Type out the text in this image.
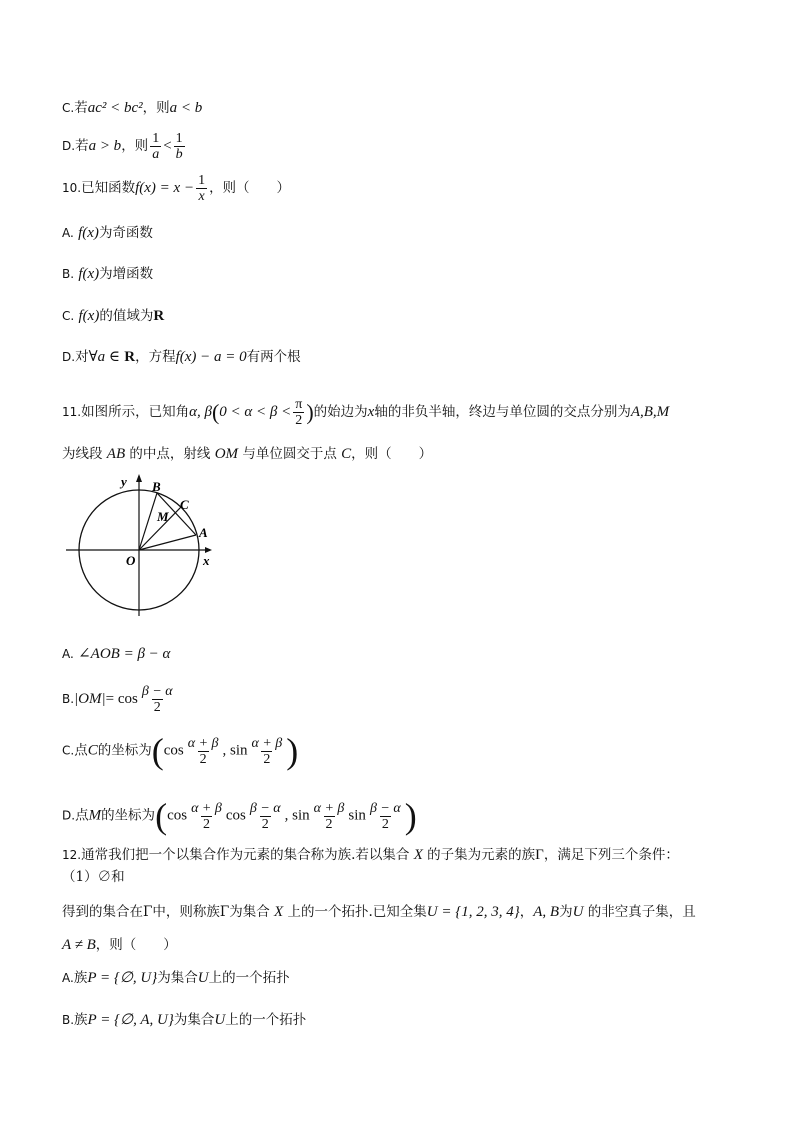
C.若ac² < bc²，则a < b
D.若a > b，则 $\frac{1}{a} < \frac{1}{b}$
10.已知函数$f(x) = x - \frac{1}{x}$ ，则（　　）
A. f(x)为奇函数
B. f(x)为增函数
C. f(x)的值域为R
D.对∀a ∈ R，方程f(x) − a = 0有两个根
11.如图所示，已知角α, $\beta(0 < \alpha < \beta < \frac{\pi}{2}$ )的始边为x轴的非负半轴，终边与单位圆的交点分别为A,B,M
为线段 AB 的中点，射线 OM 与单位圆交于点 C，则（　　）
y
x
O
A
B
C
M
A. ∠AOB = β − α
$B.|OM|= \cos \frac{\beta - \alpha}{2}$
C.点C的坐标为($\cos \frac{\alpha + \beta}{2}$ , $\sin \frac{\alpha + \beta}{2}$ )
D.点M的坐标为($\cos \frac{\alpha + \beta}{2}$ $\cos \frac{\beta - \alpha}{2}$ , $\sin \frac{\alpha + \beta}{2}$ $\sin \frac{\beta - \alpha}{2}$ )
12.通常我们把一个以集合作为元素的集合称为族.若以集合 X 的子集为元素的族Γ，满足下列三个条件：
（1）∅和
得到的集合在Γ中，则称族Γ为集合 X 上的一个拓扑.已知全集U = {1, 2, 3, 4}，A, B为U 的非空真子集，且
A ≠ B，则（　　）
A.族P = {∅, U}为集合U上的一个拓扑
B.族P = {∅, A, U}为集合U上的一个拓扑
